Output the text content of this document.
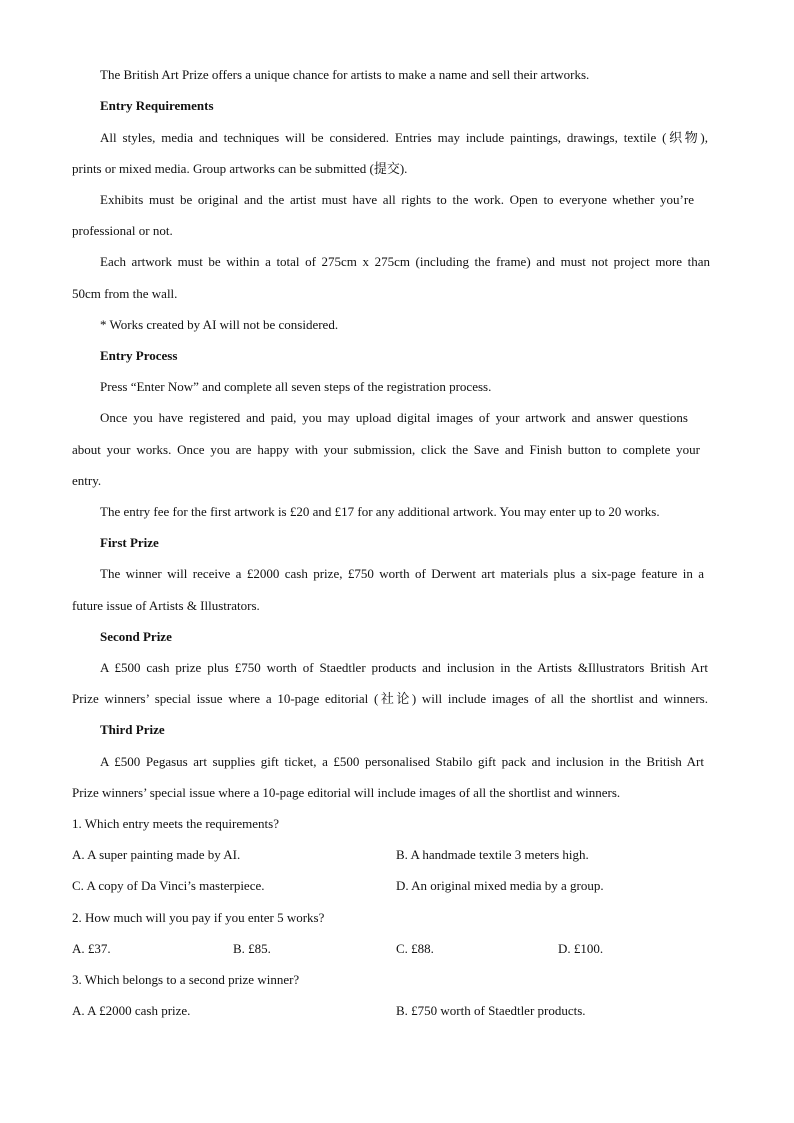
The British Art Prize offers a unique chance for artists to make a name and sell their artworks.
Entry Requirements
All styles, media and techniques will be considered. Entries may include paintings, drawings, textile (织物),
prints or mixed media. Group artworks can be submitted (提交).
Exhibits must be original and the artist must have all rights to the work. Open to everyone whether you’re
professional or not.
Each artwork must be within a total of 275cm x 275cm (including the frame) and must not project more than
50cm from the wall.
* Works created by AI will not be considered.
Entry Process
Press “Enter Now” and complete all seven steps of the registration process.
Once you have registered and paid, you may upload digital images of your artwork and answer questions
about your works. Once you are happy with your submission, click the Save and Finish button to complete your
entry.
The entry fee for the first artwork is £20 and £17 for any additional artwork. You may enter up to 20 works.
First Prize
The winner will receive a £2000 cash prize, £750 worth of Derwent art materials plus a six-page feature in a
future issue of Artists & Illustrators.
Second Prize
A £500 cash prize plus £750 worth of Staedtler products and inclusion in the Artists &Illustrators British Art
Prize winners’ special issue where a 10-page editorial (社论) will include images of all the shortlist and winners.
Third Prize
A £500 Pegasus art supplies gift ticket, a £500 personalised Stabilo gift pack and inclusion in the British Art
Prize winners’ special issue where a 10-page editorial will include images of all the shortlist and winners.
1. Which entry meets the requirements?
A. A super painting made by AI.	B. A handmade textile 3 meters high.
C. A copy of Da Vinci’s masterpiece.	D. An original mixed media by a group.
2. How much will you pay if you enter 5 works?
A. £37.	B. £85.	C. £88.	D. £100.
3. Which belongs to a second prize winner?
A. A £2000 cash prize.	B. £750 worth of Staedtler products.
